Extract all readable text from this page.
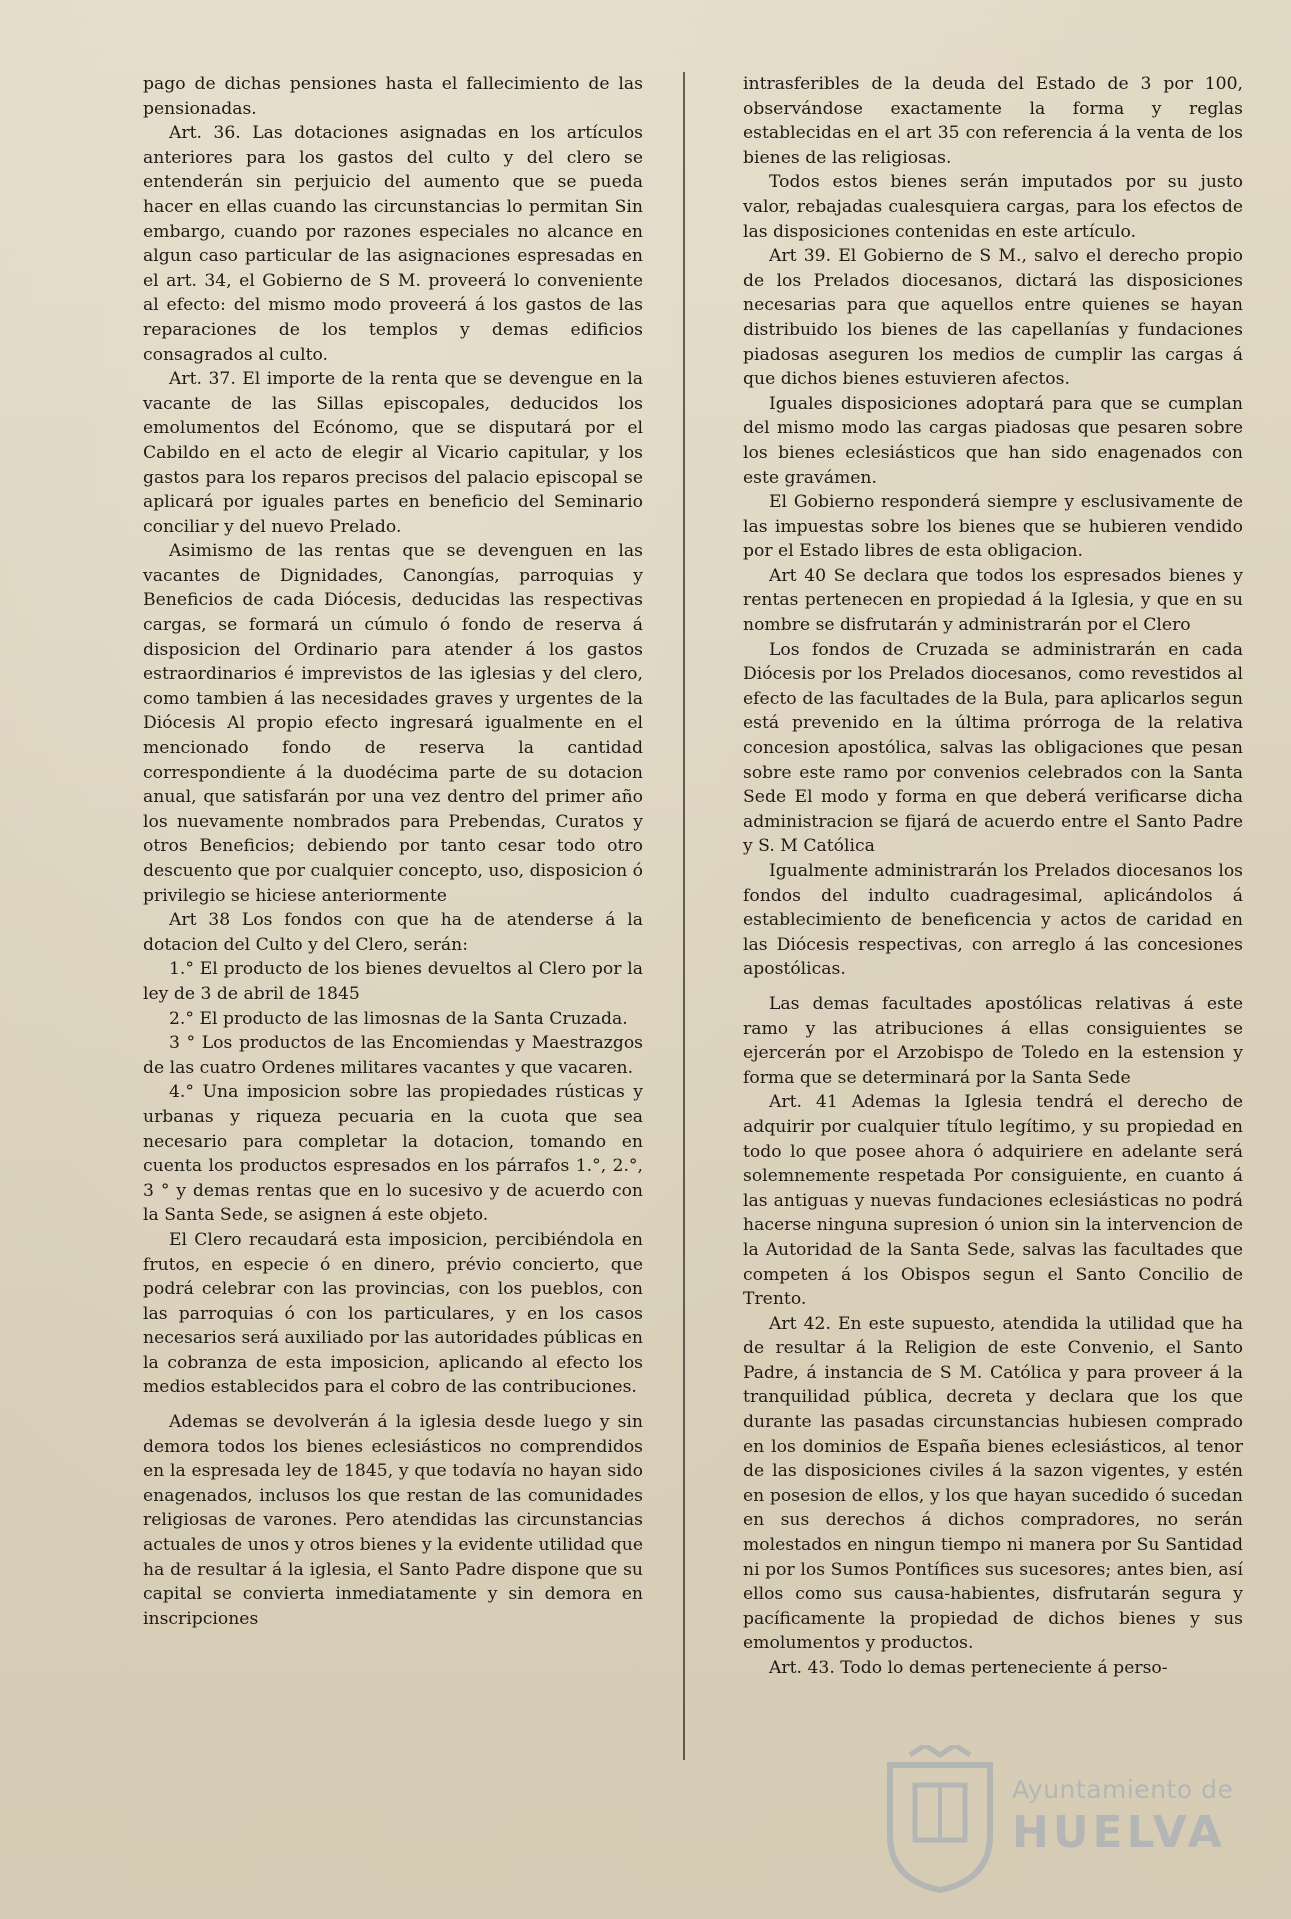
pago de dichas pensiones hasta el fallecimiento de las pensionadas.

Art. 36. Las dotaciones asignadas en los artículos anteriores para los gastos del culto y del clero se entenderán sin perjuicio del aumento que se pueda hacer en ellas cuando las circunstancias lo permitan Sin embargo, cuando por razones especiales no alcance en algun caso particular de las asignaciones espresadas en el art. 34, el Gobierno de S M. proveerá lo conveniente al efecto: del mismo modo proveerá á los gastos de las reparaciones de los templos y demas edificios consagrados al culto.

Art. 37. El importe de la renta que se devengue en la vacante de las Sillas episcopales, deducidos los emolumentos del Ecónomo, que se disputará por el Cabildo en el acto de elegir al Vicario capitular, y los gastos para los reparos precisos del palacio episcopal se aplicará por iguales partes en beneficio del Seminario conciliar y del nuevo Prelado.

Asimismo de las rentas que se devenguen en las vacantes de Dignidades, Canongías, parroquias y Beneficios de cada Diócesis, deducidas las respectivas cargas, se formará un cúmulo ó fondo de reserva á disposicion del Ordinario para atender á los gastos estraordinarios é imprevistos de las iglesias y del clero, como tambien á las necesidades graves y urgentes de la Diócesis Al propio efecto ingresará igualmente en el mencionado fondo de reserva la cantidad correspondiente á la duodécima parte de su dotacion anual, que satisfarán por una vez dentro del primer año los nuevamente nombrados para Prebendas, Curatos y otros Beneficios; debiendo por tanto cesar todo otro descuento que por cualquier concepto, uso, disposicion ó privilegio se hiciese anteriormente

Art 38 Los fondos con que ha de atenderse á la dotacion del Culto y del Clero, serán:

1.° El producto de los bienes devueltos al Clero por la ley de 3 de abril de 1845

2.° El producto de las limosnas de la Santa Cruzada.

3 ° Los productos de las Encomiendas y Maestrazgos de las cuatro Ordenes militares vacantes y que vacaren.

4.° Una imposicion sobre las propiedades rústicas y urbanas y riqueza pecuaria en la cuota que sea necesario para completar la dotacion, tomando en cuenta los productos espresados en los párrafos 1.°, 2.°, 3 ° y demas rentas que en lo sucesivo y de acuerdo con la Santa Sede, se asignen á este objeto.

El Clero recaudará esta imposicion, percibiéndola en frutos, en especie ó en dinero, prévio concierto, que podrá celebrar con las provincias, con los pueblos, con las parroquias ó con los particulares, y en los casos necesarios será auxiliado por las autoridades públicas en la cobranza de esta imposicion, aplicando al efecto los medios establecidos para el cobro de las contribuciones.

Ademas se devolverán á la iglesia desde luego y sin demora todos los bienes eclesiásticos no comprendidos en la espresada ley de 1845, y que todavía no hayan sido enagenados, inclusos los que restan de las comunidades religiosas de varones. Pero atendidas las circunstancias actuales de unos y otros bienes y la evidente utilidad que ha de resultar á la iglesia, el Santo Padre dispone que su capital se convierta inmediatamente y sin demora en inscripciones

intrasferibles de la deuda del Estado de 3 por 100, observándose exactamente la forma y reglas establecidas en el art 35 con referencia á la venta de los bienes de las religiosas.

Todos estos bienes serán imputados por su justo valor, rebajadas cualesquiera cargas, para los efectos de las disposiciones contenidas en este artículo.

Art 39. El Gobierno de S M., salvo el derecho propio de los Prelados diocesanos, dictará las disposiciones necesarias para que aquellos entre quienes se hayan distribuido los bienes de las capellanías y fundaciones piadosas aseguren los medios de cumplir las cargas á que dichos bienes estuvieren afectos.

Iguales disposiciones adoptará para que se cumplan del mismo modo las cargas piadosas que pesaren sobre los bienes eclesiásticos que han sido enagenados con este gravámen.

El Gobierno responderá siempre y esclusivamente de las impuestas sobre los bienes que se hubieren vendido por el Estado libres de esta obligacion.

Art 40 Se declara que todos los espresados bienes y rentas pertenecen en propiedad á la Iglesia, y que en su nombre se disfrutarán y administrarán por el Clero

Los fondos de Cruzada se administrarán en cada Diócesis por los Prelados diocesanos, como revestidos al efecto de las facultades de la Bula, para aplicarlos segun está prevenido en la última prórroga de la relativa concesion apostólica, salvas las obligaciones que pesan sobre este ramo por convenios celebrados con la Santa Sede El modo y forma en que deberá verificarse dicha administracion se fijará de acuerdo entre el Santo Padre y S. M Católica

Igualmente administrarán los Prelados diocesanos los fondos del indulto cuadragesimal, aplicándolos á establecimiento de beneficencia y actos de caridad en las Diócesis respectivas, con arreglo á las concesiones apostólicas.

Las demas facultades apostólicas relativas á este ramo y las atribuciones á ellas consiguientes se ejercerán por el Arzobispo de Toledo en la estension y forma que se determinará por la Santa Sede

Art. 41 Ademas la Iglesia tendrá el derecho de adquirir por cualquier título legítimo, y su propiedad en todo lo que posee ahora ó adquiriere en adelante será solemnemente respetada Por consiguiente, en cuanto á las antiguas y nuevas fundaciones eclesiásticas no podrá hacerse ninguna supresion ó union sin la intervencion de la Autoridad de la Santa Sede, salvas las facultades que competen á los Obispos segun el Santo Concilio de Trento.

Art 42. En este supuesto, atendida la utilidad que ha de resultar á la Religion de este Convenio, el Santo Padre, á instancia de S M. Católica y para proveer á la tranquilidad pública, decreta y declara que los que durante las pasadas circunstancias hubiesen comprado en los dominios de España bienes eclesiásticos, al tenor de las disposiciones civiles á la sazon vigentes, y estén en posesion de ellos, y los que hayan sucedido ó sucedan en sus derechos á dichos compradores, no serán molestados en ningun tiempo ni manera por Su Santidad ni por los Sumos Pontífices sus sucesores; antes bien, así ellos como sus causa-habientes, disfrutarán segura y pacíficamente la propiedad de dichos bienes y sus emolumentos y productos.

Art. 43. Todo lo demas perteneciente á perso-

Ayuntamiento de
HUELVA
